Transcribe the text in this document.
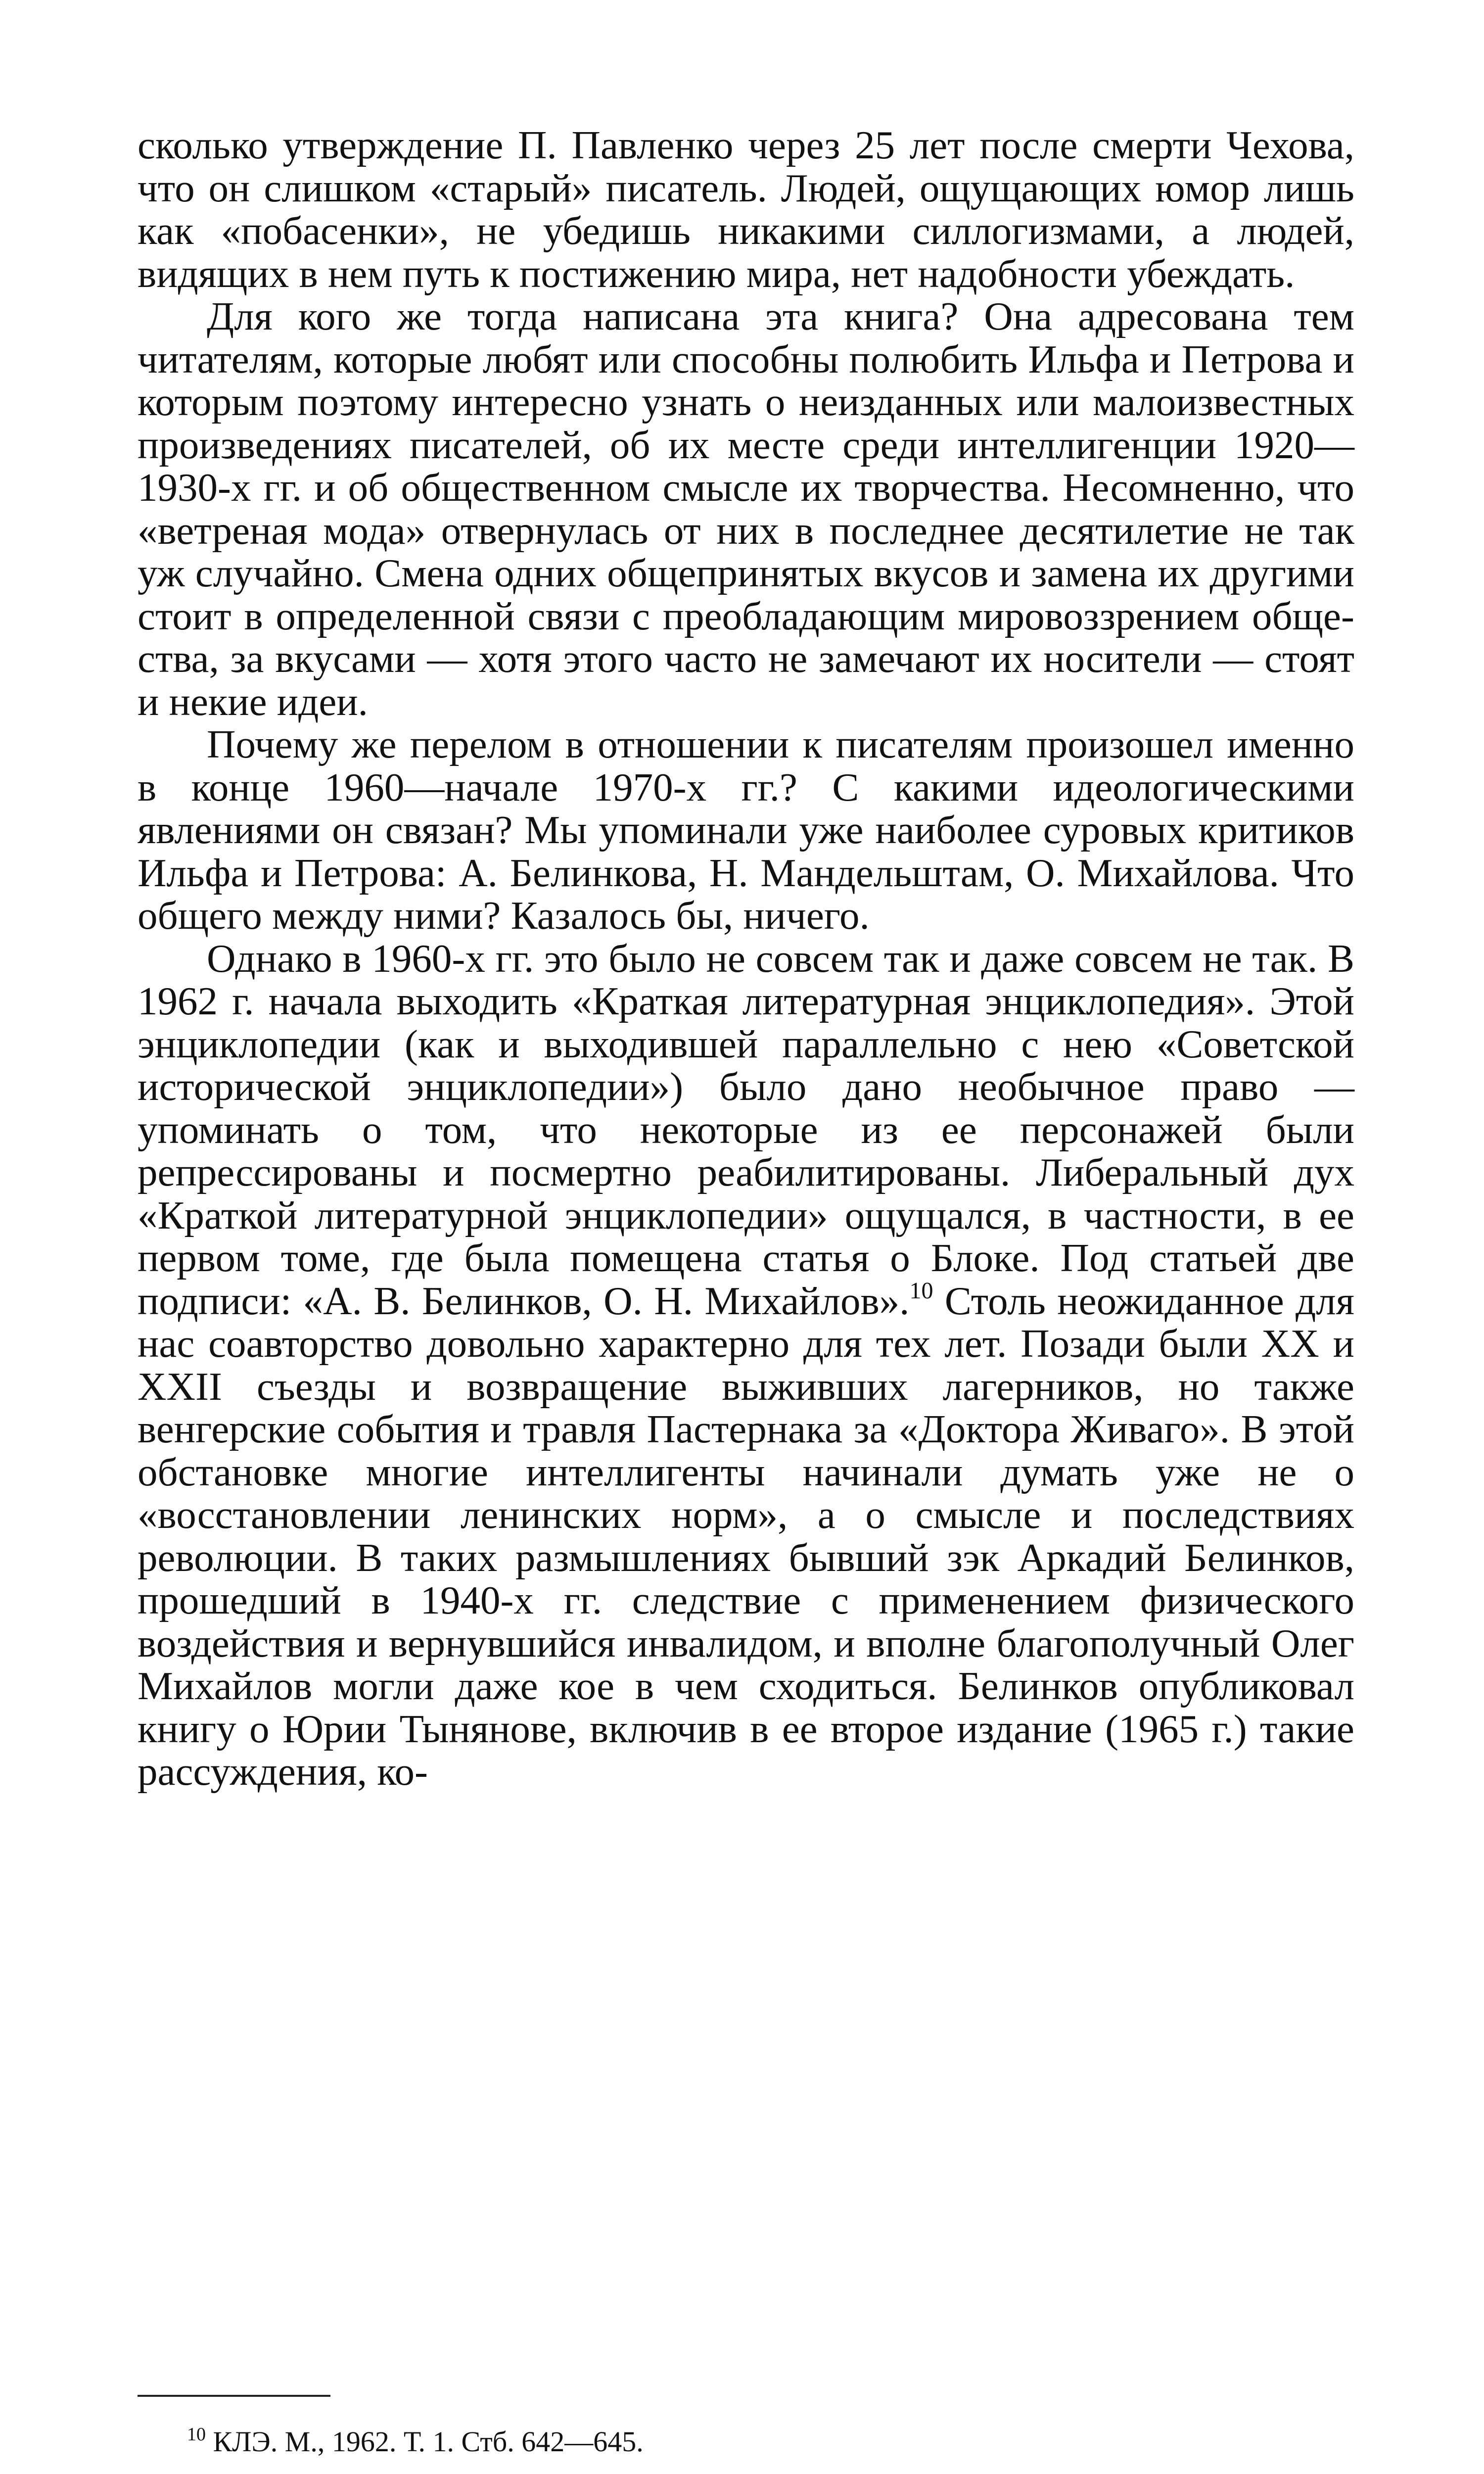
сколько утверждение П. Павленко через 25 лет после смерти Чехова, что он слишком «старый» писатель. Людей, ощущающих юмор лишь как «побасенки», не убедишь никакими силлогизмами, а людей, видящих в нем путь к постижению мира, нет надобности убеждать.

Для кого же тогда написана эта книга? Она адресована тем читателям, которые любят или способны полюбить Ильфа и Петрова и которым поэтому интересно узнать о неизданных или малоизвестных произведениях писателей, об их месте среди интеллигенции 1920—1930-х гг. и об общественном смысле их творчества. Несомненно, что «ветреная мода» отвернулась от них в последнее десятилетие не так уж случайно. Смена одних общепринятых вкусов и замена их другими стоит в определенной связи с преобладающим мировоззрением общества, за вкусами — хотя этого часто не замечают их носители — стоят и некие идеи.

Почему же перелом в отношении к писателям произошел именно в конце 1960—начале 1970-х гг.? С какими идеологическими явлениями он связан? Мы упоминали уже наиболее суровых критиков Ильфа и Петрова: А. Белинкова, Н. Мандельштам, О. Михайлова. Что общего между ними? Казалось бы, ничего.

Однако в 1960-х гг. это было не совсем так и даже совсем не так. В 1962 г. начала выходить «Краткая литературная энциклопедия». Этой энциклопедии (как и выходившей параллельно с нею «Советской исторической энциклопедии») было дано необычное право — упоминать о том, что некоторые из ее персонажей были репрессированы и посмертно реабилитированы. Либеральный дух «Краткой литературной энциклопедии» ощущался, в частности, в ее первом томе, где была помещена статья о Блоке. Под статьей две подписи: «А. В. Белинков, О. Н. Михайлов».$^{10}$ Столь неожиданное для нас соавторство довольно характерно для тех лет. Позади были XX и XXII съезды и возвращение выживших лагерников, но также венгерские события и травля Пастернака за «Доктора Живаго». В этой обстановке многие интеллигенты начинали думать уже не о «восстановлении ленинских норм», а о смысле и последствиях революции. В таких размышлениях бывший зэк Аркадий Белинков, прошедший в 1940-х гг. следствие с применением физического воздействия и вернувшийся инвалидом, и вполне благополучный Олег Михайлов могли даже кое в чем сходиться. Белинков опубликовал книгу о Юрии Тынянове, включив в ее второе издание (1965 г.) такие рассуждения, ко-

$^{10}$ КЛЭ. М., 1962. Т. 1. Стб. 642—645.
